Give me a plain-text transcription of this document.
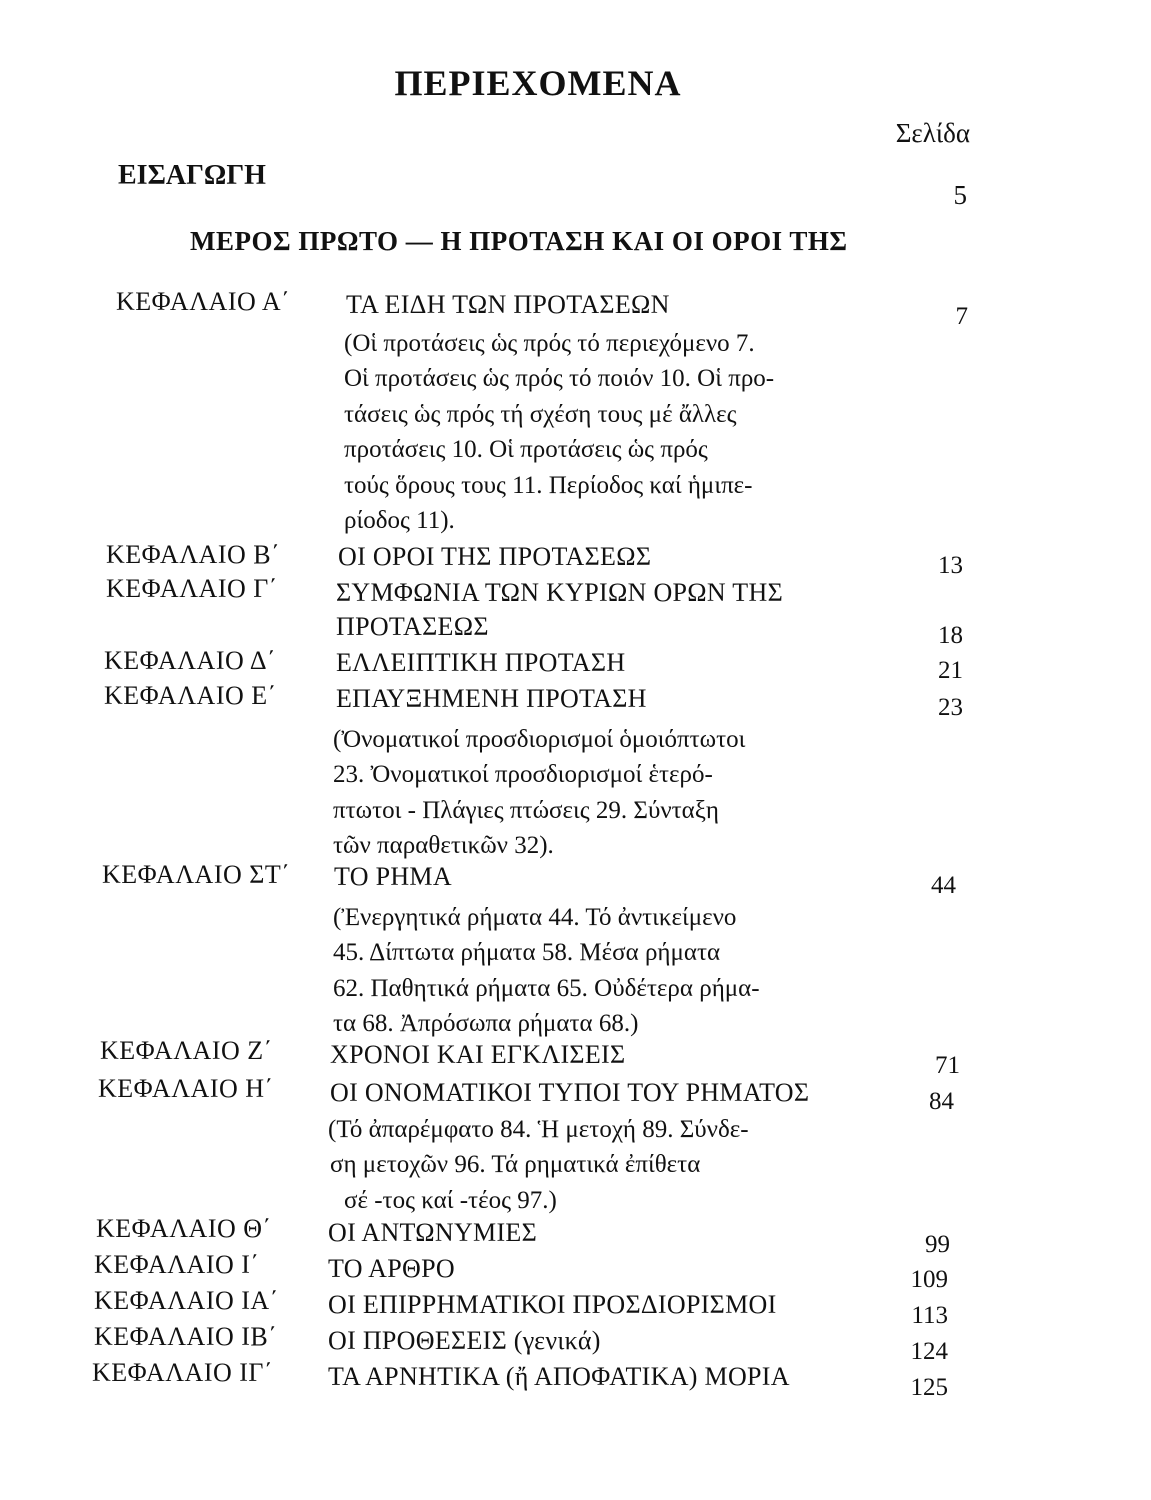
ΠΕΡΙΕΧΟΜΕΝΑ
Σελίδα
ΕΙΣΑΓΩΓΗ
5
ΜΕΡΟΣ ΠΡΩΤΟ — Η ΠΡΟΤΑΣΗ ΚΑΙ ΟΙ ΟΡΟΙ ΤΗΣ
ΚΕΦΑΛΑΙΟ Α΄ ΤΑ ΕΙΔΗ ΤΩΝ ΠΡΟΤΑΣΕΩΝ	7
(Οἱ προτάσεις ὡς πρός τό περιεχόμενο 7.
Οἱ προτάσεις ὡς πρός τό ποιόν 10. Οἱ προ-
τάσεις ὡς πρός τή σχέση τους μέ ἄλλες
προτάσεις 10. Οἱ προτάσεις ὡς πρός
τούς ὅρους τους 11. Περίοδος καί ἡμιπε-
ρίοδος 11).
ΚΕΦΑΛΑΙΟ Β΄ ΟΙ ΟΡΟΙ ΤΗΣ ΠΡΟΤΑΣΕΩΣ	13
ΚΕΦΑΛΑΙΟ Γ΄ ΣΥΜΦΩΝΙΑ ΤΩΝ ΚΥΡΙΩΝ ΟΡΩΝ ΤΗΣ
ΠΡΟΤΑΣΕΩΣ	18
ΚΕΦΑΛΑΙΟ Δ΄ ΕΛΛΕΙΠΤΙΚΗ ΠΡΟΤΑΣΗ	21
ΚΕΦΑΛΑΙΟ Ε΄ ΕΠΑΥΞΗΜΕΝΗ ΠΡΟΤΑΣΗ	23
(Ὀνοματικοί προσδιορισμοί ὁμοιόπτωτοι
23. Ὀνοματικοί προσδιορισμοί ἑτερό-
πτωτοι - Πλάγιες πτώσεις 29. Σύνταξη
τῶν παραθετικῶν 32).
ΚΕΦΑΛΑΙΟ ΣΤ΄ ΤΟ ΡΗΜΑ	44
(Ἐνεργητικά ρήματα 44. Τό ἀντικείμενο
45. Δίπτωτα ρήματα 58. Μέσα ρήματα
62. Παθητικά ρήματα 65. Οὐδέτερα ρήμα-
τα 68. Ἀπρόσωπα ρήματα 68.)
ΚΕΦΑΛΑΙΟ Ζ΄ ΧΡΟΝΟΙ ΚΑΙ ΕΓΚΛΙΣΕΙΣ	71
ΚΕΦΑΛΑΙΟ Η΄ ΟΙ ΟΝΟΜΑΤΙΚΟΙ ΤΥΠΟΙ ΤΟΥ ΡΗΜΑΤΟΣ	84
(Τό ἀπαρέμφατο 84. Ἡ μετοχή 89. Σύνδε-
ση μετοχῶν 96. Τά ρηματικά ἐπίθετα
σέ -τος καί -τέος 97.)
ΚΕΦΑΛΑΙΟ Θ΄ ΟΙ ΑΝΤΩΝΥΜΙΕΣ	99
ΚΕΦΑΛΑΙΟ Ι΄	ΤΟ ΑΡΘΡΟ	109
ΚΕΦΑΛΑΙΟ ΙΑ΄ ΟΙ ΕΠΙΡΡΗΜΑΤΙΚΟΙ ΠΡΟΣΔΙΟΡΙΣΜΟΙ	113
ΚΕΦΑΛΑΙΟ ΙΒ΄ ΟΙ ΠΡΟΘΕΣΕΙΣ (γενικά)	124
ΚΕΦΑΛΑΙΟ ΙΓ΄ ΤΑ ΑΡΝΗΤΙΚΑ (ἤ ΑΠΟΦΑΤΙΚΑ) ΜΟΡΙΑ	125
